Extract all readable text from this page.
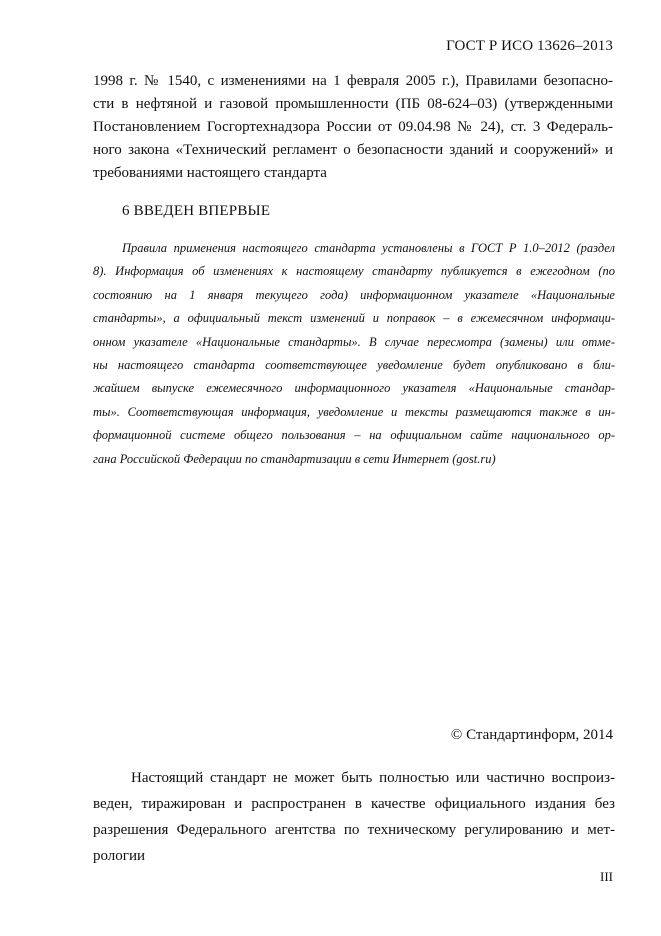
ГОСТ Р ИСО 13626–2013
1998 г. № 1540, с изменениями на 1 февраля 2005 г.), Правилами безопасно-
сти в нефтяной и газовой промышленности (ПБ 08-624–03) (утвержденными
Постановлением Госгортехнадзора России от 09.04.98 № 24), ст. 3 Федераль-
ного закона «Технический регламент о безопасности зданий и сооружений» и
требованиями настоящего стандарта
6 ВВЕДЕН ВПЕРВЫЕ
Правила применения настоящего стандарта установлены в ГОСТ Р 1.0–2012 (раздел
8). Информация об изменениях к настоящему стандарту публикуется в ежегодном (по
состоянию на 1 января текущего года) информационном указателе «Национальные
стандарты», а официальный текст изменений и поправок – в ежемесячном информаци-
онном указателе «Национальные стандарты». В случае пересмотра (замены) или отме-
ны настоящего стандарта соответствующее уведомление будет опубликовано в бли-
жайшем выпуске ежемесячного информационного указателя «Национальные стандар-
ты». Соответствующая информация, уведомление и тексты размещаются также в ин-
формационной системе общего пользования – на официальном сайте национального ор-
гана Российской Федерации по стандартизации в сети Интернет (gost.ru)
© Стандартинформ, 2014
Настоящий стандарт не может быть полностью или частично воспроиз-
веден, тиражирован и распространен в качестве официального издания без
разрешения Федерального агентства по техническому регулированию и мет-
рологии
III
